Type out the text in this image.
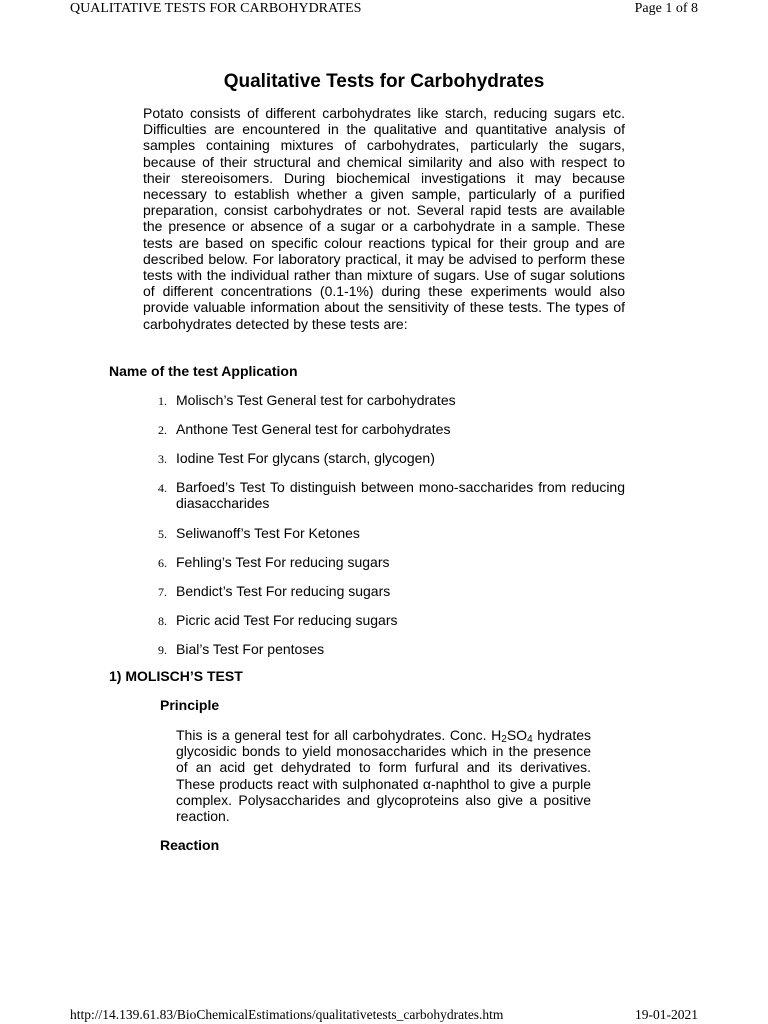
QUALITATIVE TESTS FOR CARBOHYDRATES	Page 1 of 8
Qualitative Tests for Carbohydrates

Potato consists of different carbohydrates like starch, reducing sugars etc. Difficulties are encountered in the qualitative and quantitative analysis of samples containing mixtures of carbohydrates, particularly the sugars, because of their structural and chemical similarity and also with respect to their stereoisomers. During biochemical investigations it may because necessary to establish whether a given sample, particularly of a purified preparation, consist carbohydrates or not. Several rapid tests are available the presence or absence of a sugar or a carbohydrate in a sample. These tests are based on specific colour reactions typical for their group and are described below. For laboratory practical, it may be advised to perform these tests with the individual rather than mixture of sugars. Use of sugar solutions of different concentrations (0.1-1%) during these experiments would also provide valuable information about the sensitivity of these tests. The types of carbohydrates detected by these tests are:

Name of the test Application

1. Molisch’s Test General test for carbohydrates
2. Anthone Test General test for carbohydrates
3. Iodine Test For glycans (starch, glycogen)
4. Barfoed’s Test To distinguish between mono-saccharides from reducing diasaccharides
5. Seliwanoff’s Test For Ketones
6. Fehling’s Test For reducing sugars
7. Bendict’s Test For reducing sugars
8. Picric acid Test For reducing sugars
9. Bial’s Test For pentoses

1) MOLISCH’S TEST

Principle

This is a general test for all carbohydrates. Conc. $H_2SO_4$ hydrates glycosidic bonds to yield monosaccharides which in the presence of an acid get dehydrated to form furfural and its derivatives. These products react with sulphonated α-naphthol to give a purple complex. Polysaccharides and glycoproteins also give a positive reaction.

Reaction

http://14.139.61.83/BioChemicalEstimations/qualitativetests_carbohydrates.htm	19-01-2021
